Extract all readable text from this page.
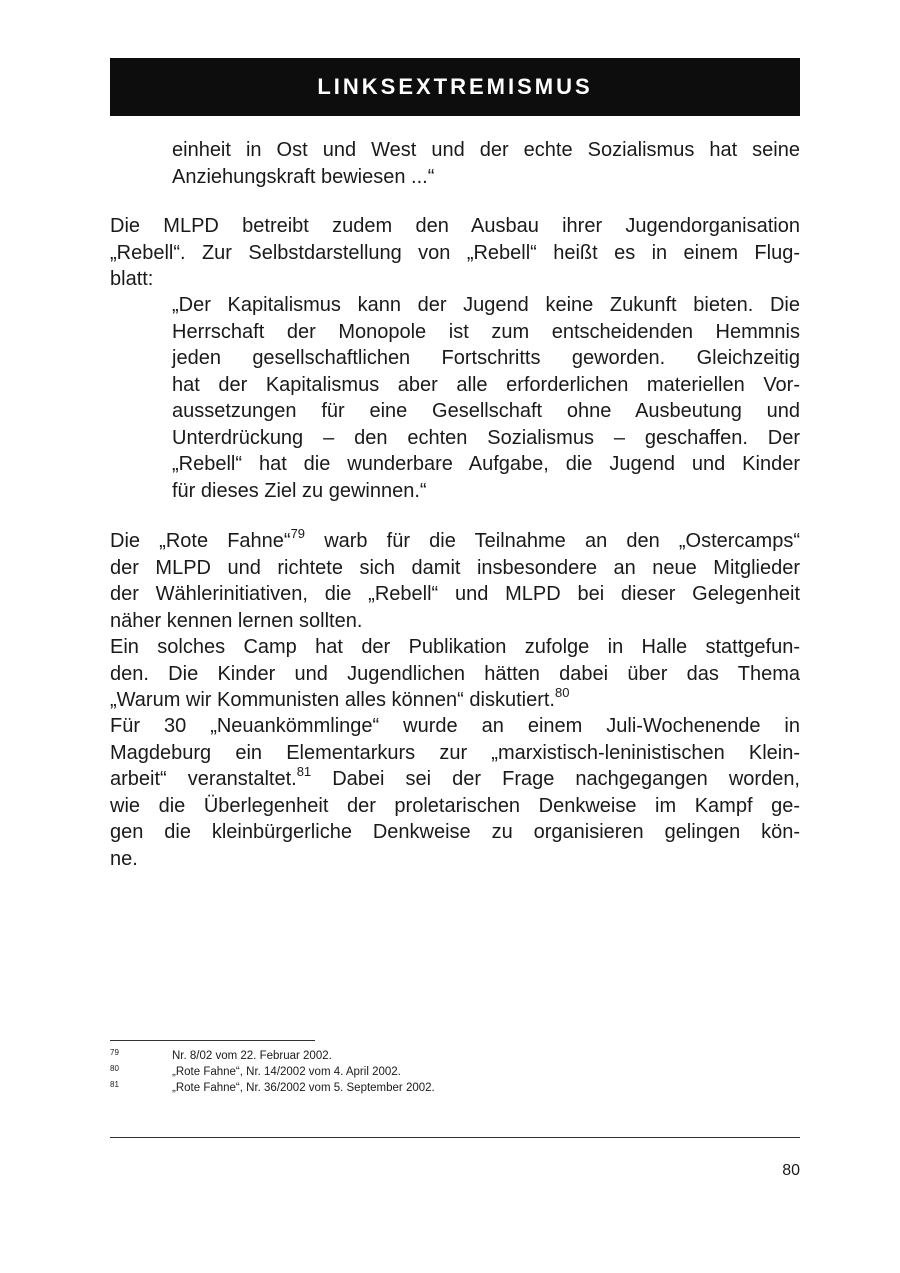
LINKSEXTREMISMUS
einheit in Ost und West und der echte Sozialismus hat seine
Anziehungskraft bewiesen ...“
Die MLPD betreibt zudem den Ausbau ihrer Jugendorganisation
„Rebell“. Zur Selbstdarstellung von „Rebell“ heißt es in einem Flug-
blatt:
„Der Kapitalismus kann der Jugend keine Zukunft bieten. Die
Herrschaft der Monopole ist zum entscheidenden Hemmnis
jeden gesellschaftlichen Fortschritts geworden. Gleichzeitig
hat der Kapitalismus aber alle erforderlichen materiellen Vor-
aussetzungen für eine Gesellschaft ohne Ausbeutung und
Unterdrückung – den echten Sozialismus – geschaffen. Der
„Rebell“ hat die wunderbare Aufgabe, die Jugend und Kinder
für dieses Ziel zu gewinnen.“
Die „Rote Fahne“$^{79}$ warb für die Teilnahme an den „Ostercamps“
der MLPD und richtete sich damit insbesondere an neue Mitglieder
der Wählerinitiativen, die „Rebell“ und MLPD bei dieser Gelegenheit
näher kennen lernen sollten.
Ein solches Camp hat der Publikation zufolge in Halle stattgefun-
den. Die Kinder und Jugendlichen hätten dabei über das Thema
„Warum wir Kommunisten alles können“ diskutiert.$^{80}$
Für 30 „Neuankömmlinge“ wurde an einem Juli-Wochenende in
Magdeburg ein Elementarkurs zur „marxistisch-leninistischen Klein-
arbeit“ veranstaltet.$^{81}$ Dabei sei der Frage nachgegangen worden,
wie die Überlegenheit der proletarischen Denkweise im Kampf ge-
gen die kleinbürgerliche Denkweise zu organisieren gelingen kön-
ne.
79	Nr. 8/02 vom 22. Februar 2002.
80	„Rote Fahne“, Nr. 14/2002 vom 4. April 2002.
81	„Rote Fahne“, Nr. 36/2002 vom 5. September 2002.
80
